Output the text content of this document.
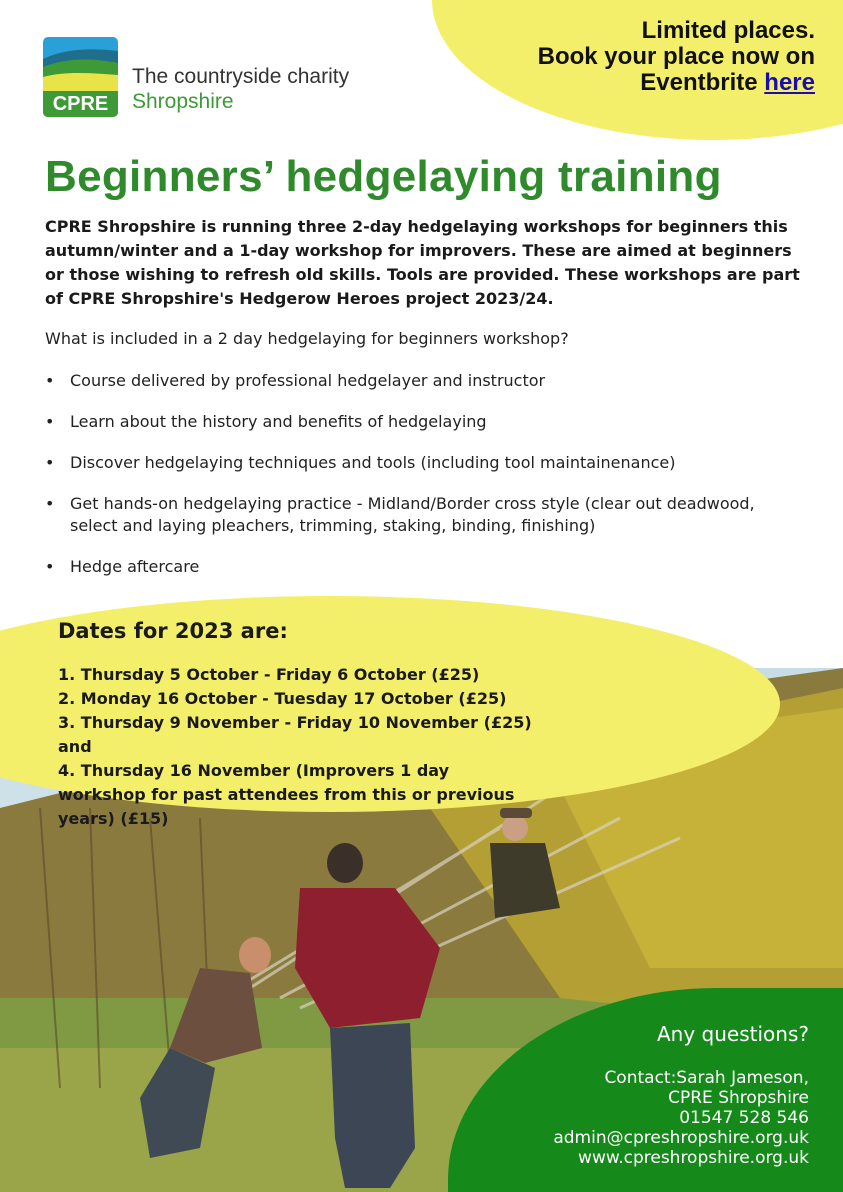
Limited places.
Book your place now on
Eventbrite here
CPRE
The countryside charity
Shropshire
Beginners’ hedgelaying training

CPRE Shropshire is running three 2-day hedgelaying workshops for beginners this autumn/winter and a 1-day workshop for improvers. These are aimed at beginners or those wishing to refresh old skills. Tools are provided. These workshops are part of CPRE Shropshire's Hedgerow Heroes project 2023/24.

What is included in a 2 day hedgelaying for beginners workshop?

• Course delivered by professional hedgelayer and instructor
• Learn about the history and benefits of hedgelaying
• Discover hedgelaying techniques and tools (including tool maintainenance)
• Get hands-on hedgelaying practice - Midland/Border cross style (clear out deadwood, select and laying pleachers, trimming, staking, binding, finishing)
• Hedge aftercare
Dates for 2023 are:
1. Thursday 5 October - Friday 6 October (£25)
2. Monday 16 October - Tuesday 17 October (£25)
3. Thursday 9 November - Friday 10 November (£25) and
4. Thursday 16 November (Improvers 1 day workshop for past attendees from this or previous years) (£15)
Any questions?
Contact:Sarah Jameson,
CPRE Shropshire
01547 528 546
admin@cpreshropshire.org.uk
www.cpreshropshire.org.uk
